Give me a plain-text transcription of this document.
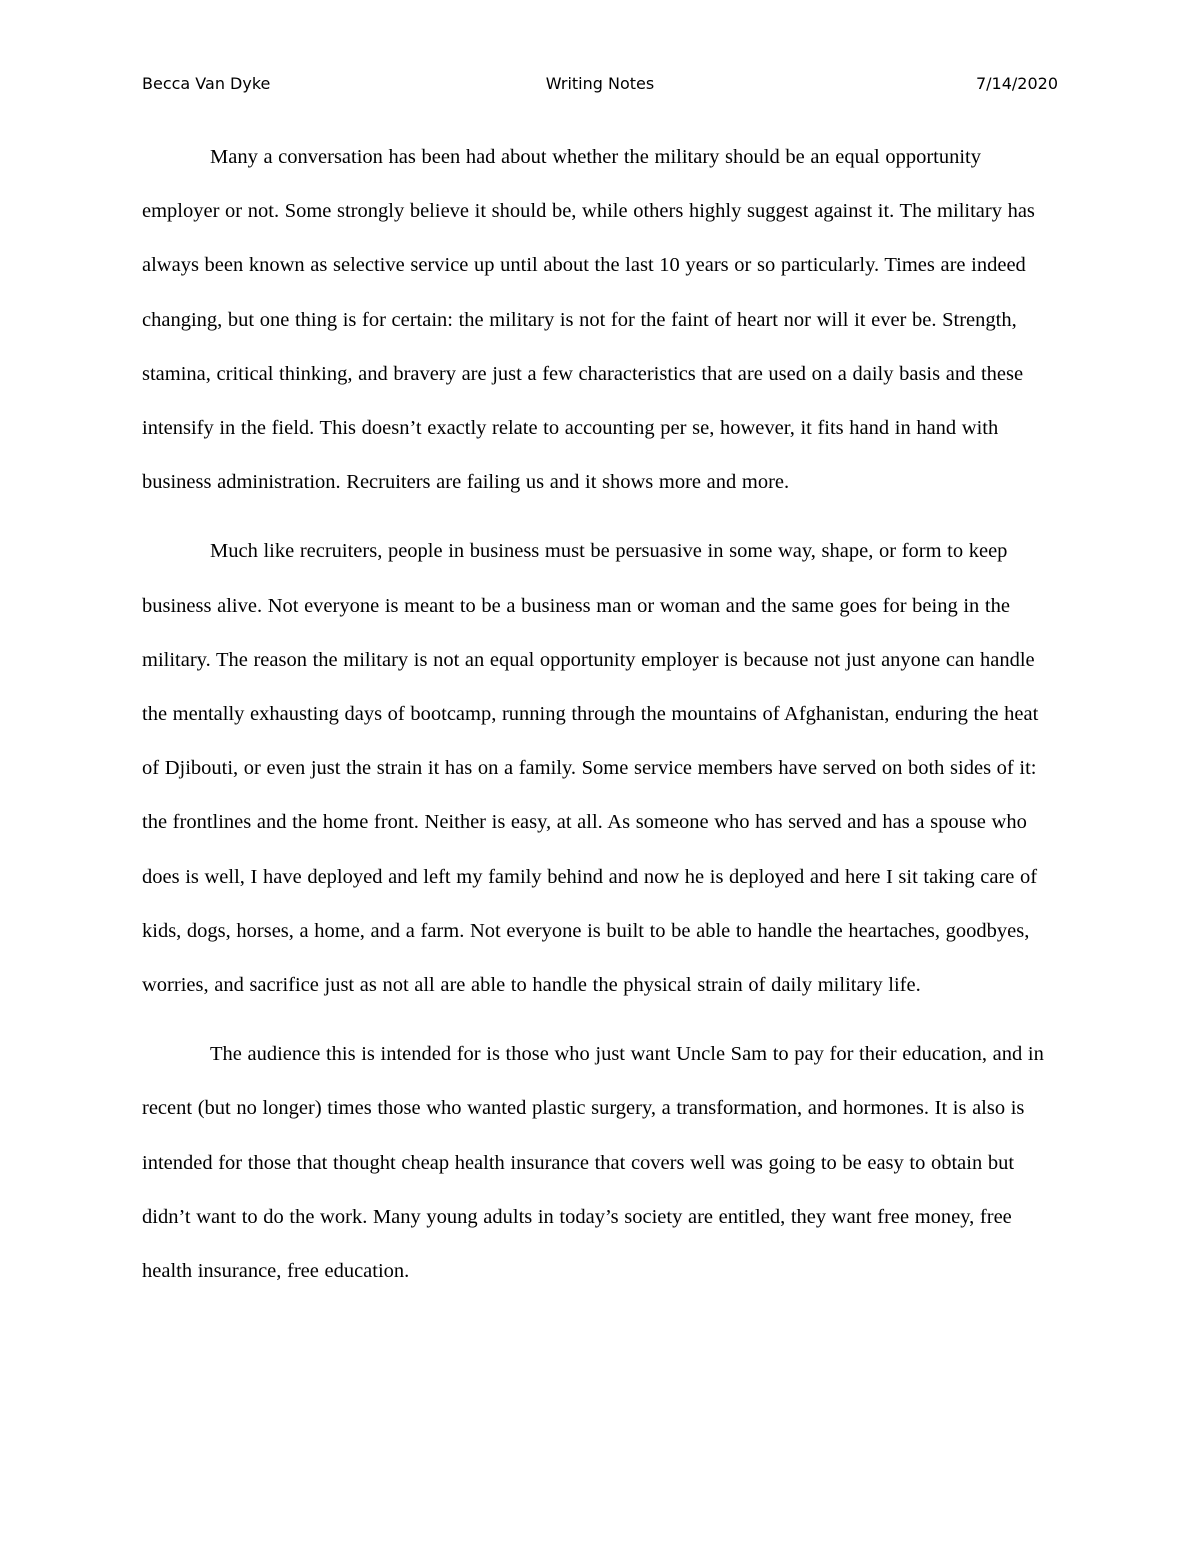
Becca Van Dyke	Writing Notes	7/14/2020

Many a conversation has been had about whether the military should be an equal opportunity employer or not. Some strongly believe it should be, while others highly suggest against it. The military has always been known as selective service up until about the last 10 years or so particularly. Times are indeed changing, but one thing is for certain: the military is not for the faint of heart nor will it ever be. Strength, stamina, critical thinking, and bravery are just a few characteristics that are used on a daily basis and these intensify in the field. This doesn’t exactly relate to accounting per se, however, it fits hand in hand with business administration. Recruiters are failing us and it shows more and more.

Much like recruiters, people in business must be persuasive in some way, shape, or form to keep business alive. Not everyone is meant to be a business man or woman and the same goes for being in the military. The reason the military is not an equal opportunity employer is because not just anyone can handle the mentally exhausting days of bootcamp, running through the mountains of Afghanistan, enduring the heat of Djibouti, or even just the strain it has on a family. Some service members have served on both sides of it: the frontlines and the home front. Neither is easy, at all. As someone who has served and has a spouse who does is well, I have deployed and left my family behind and now he is deployed and here I sit taking care of kids, dogs, horses, a home, and a farm. Not everyone is built to be able to handle the heartaches, goodbyes, worries, and sacrifice just as not all are able to handle the physical strain of daily military life.

The audience this is intended for is those who just want Uncle Sam to pay for their education, and in recent (but no longer) times those who wanted plastic surgery, a transformation, and hormones. It is also is intended for those that thought cheap health insurance that covers well was going to be easy to obtain but didn’t want to do the work. Many young adults in today’s society are entitled, they want free money, free health insurance, free education.
